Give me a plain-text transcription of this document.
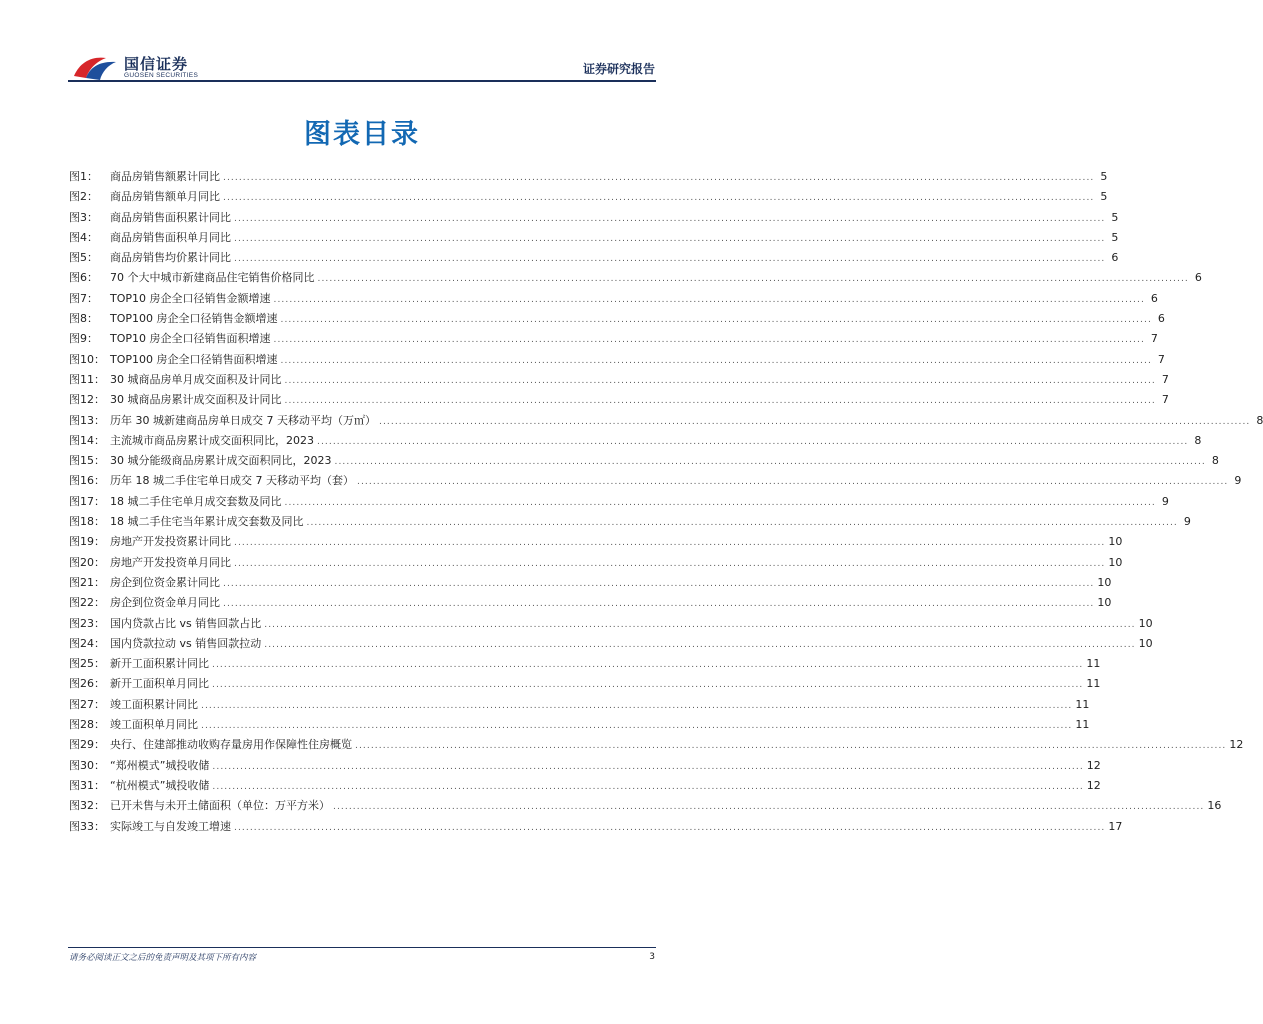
国信证券
GUOSEN SECURITIES	证券研究报告
图表目录
图1：	商品房销售额累计同比 ............................................................................................................................................................................................................................ 5
图2：	商品房销售额单月同比 ............................................................................................................................................................................................................................ 5
图3：	商品房销售面积累计同比 ............................................................................................................................................................................................................................ 5
图4：	商品房销售面积单月同比 ............................................................................................................................................................................................................................ 5
图5：	商品房销售均价累计同比 ............................................................................................................................................................................................................................ 6
图6：	70 个大中城市新建商品住宅销售价格同比 ............................................................................................................................................................................................................................ 6
图7：	TOP10 房企全口径销售金额增速 ............................................................................................................................................................................................................................ 6
图8：	TOP100 房企全口径销售金额增速 ............................................................................................................................................................................................................................ 6
图9：	TOP10 房企全口径销售面积增速 ............................................................................................................................................................................................................................ 7
图10： TOP100 房企全口径销售面积增速 ............................................................................................................................................................................................................................ 7
图11： 30 城商品房单月成交面积及计同比 ............................................................................................................................................................................................................................ 7
图12： 30 城商品房累计成交面积及计同比 ............................................................................................................................................................................................................................ 7
图13： 历年 30 城新建商品房单日成交 7 天移动平均（万㎡） ............................................................................................................................................................................................................................ 8
图14： 主流城市商品房累计成交面积同比，2023 ............................................................................................................................................................................................................................ 8
图15： 30 城分能级商品房累计成交面积同比，2023 ............................................................................................................................................................................................................................ 8
图16： 历年 18 城二手住宅单日成交 7 天移动平均（套） ............................................................................................................................................................................................................................ 9
图17： 18 城二手住宅单月成交套数及同比 ............................................................................................................................................................................................................................ 9
图18： 18 城二手住宅当年累计成交套数及同比 ............................................................................................................................................................................................................................ 9
图19： 房地产开发投资累计同比 ............................................................................................................................................................................................................................ 10
图20： 房地产开发投资单月同比 ............................................................................................................................................................................................................................ 10
图21： 房企到位资金累计同比 ............................................................................................................................................................................................................................ 10
图22： 房企到位资金单月同比 ............................................................................................................................................................................................................................ 10
图23： 国内贷款占比 vs 销售回款占比 ............................................................................................................................................................................................................................ 10
图24： 国内贷款拉动 vs 销售回款拉动 ............................................................................................................................................................................................................................ 10
图25： 新开工面积累计同比 ............................................................................................................................................................................................................................ 11
图26： 新开工面积单月同比 ............................................................................................................................................................................................................................ 11
图27： 竣工面积累计同比 ............................................................................................................................................................................................................................ 11
图28： 竣工面积单月同比 ............................................................................................................................................................................................................................ 11
图29： 央行、住建部推动收购存量房用作保障性住房概览 ............................................................................................................................................................................................................................ 12
图30： “郑州模式”城投收储 ............................................................................................................................................................................................................................ 12
图31： “杭州模式”城投收储 ............................................................................................................................................................................................................................ 12
图32： 已开未售与未开土储面积（单位：万平方米） ............................................................................................................................................................................................................................ 16
图33： 实际竣工与自发竣工增速 ............................................................................................................................................................................................................................ 17
请务必阅读正文之后的免责声明及其项下所有内容	3
